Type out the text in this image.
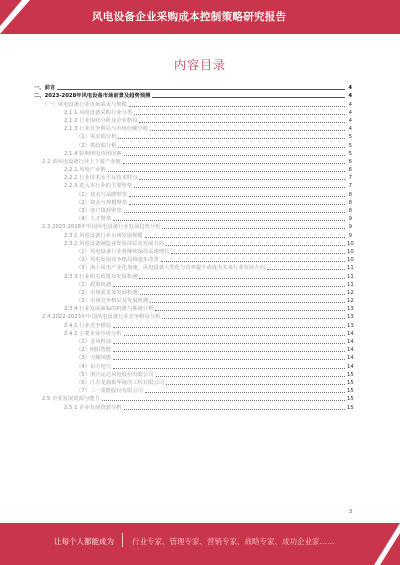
风电设备企业采购成本控制策略研究报告
内容目录
一、前言	4
二、2023-2028年风电设备市场前景及趋势预测	4
（一）风电设备行业市场需求与规模	4
2.1.1 风电设备采购行业分类	4
2.1.2 行业现状分析及企业格局	4
2.1.3 行业竞争格局与市场份额分析	4
（1）需求端分析	5
（2）供给端分析	5
2.1.4 影响风电市场因素	5
2.2 该风电设备行业上下游产业链	6
2.2.1 风电产业链	6
2.2.2 行业技术水平及技术特点	7
2.2.3 进入本行业的主要壁垒	7
（1）技术与品牌壁垒	8
（2）资金与规模壁垒	8
（3）客户资源壁垒	8
（4）人才壁垒	9
2.3 2023-2028年中国风电设备行业发展趋势分析	9
2.3.1 风电设备行业市场发展规模	9
2.3.2 风电设备制造业发展前景及发展方向	10
（1）风电设备行业将继续保持高速增长	10
（2）风电发展竞争格局将逐步改善	10
（3）海上风电产业化加速，风电设备大型化与功率提升或成为未来行业发展方向	11
2.3.3 行业相关政策及发展机遇	11
（1）政策机遇	11
（2）市场需求及发展机遇	12
（3）市场竞争格局及发展机遇	12
2.3.4 行业发展面临的机遇与挑战分析	13
2.4 2022-2023年中国风电设备行业竞争格局分析	13
2.4.1 行业竞争格局	13
2.4.2 主要企业市场分析	14
（1）金风科技	14
（2）明阳智能	14
（3）天顺风能	14
（4）东方电气	14
（5）浙江运达风电股份有限公司	15
（6）江苏龙源振华海洋工程有限公司	15
（7）三一重能股份有限公司	15
2.5 企业发展资源与能力	15
2.5.1 企业发展资源分析	15
3
让每个人都能成为 行业专家、管理专家、营销专家、战略专家、成功企业家……
